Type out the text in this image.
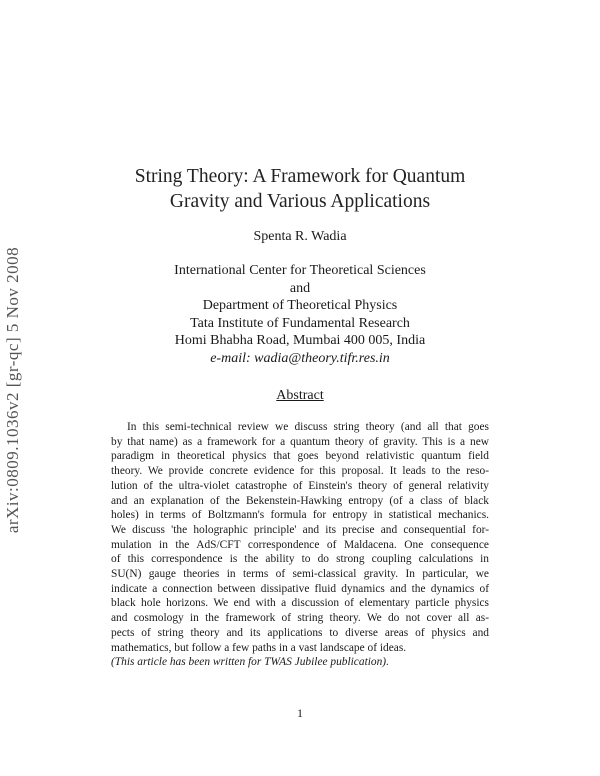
arXiv:0809.1036v2 [gr-qc] 5 Nov 2008
String Theory: A Framework for Quantum
Gravity and Various Applications
Spenta R. Wadia
International Center for Theoretical Sciences
and
Department of Theoretical Physics
Tata Institute of Fundamental Research
Homi Bhabha Road, Mumbai 400 005, India
e-mail: wadia@theory.tifr.res.in
Abstract
In this semi-technical review we discuss string theory (and all that goes
by that name) as a framework for a quantum theory of gravity. This is a new
paradigm in theoretical physics that goes beyond relativistic quantum field
theory. We provide concrete evidence for this proposal. It leads to the reso-
lution of the ultra-violet catastrophe of Einstein's theory of general relativity
and an explanation of the Bekenstein-Hawking entropy (of a class of black
holes) in terms of Boltzmann's formula for entropy in statistical mechanics.
We discuss 'the holographic principle' and its precise and consequential for-
mulation in the AdS/CFT correspondence of Maldacena. One consequence
of this correspondence is the ability to do strong coupling calculations in
SU(N) gauge theories in terms of semi-classical gravity. In particular, we
indicate a connection between dissipative fluid dynamics and the dynamics of
black hole horizons. We end with a discussion of elementary particle physics
and cosmology in the framework of string theory. We do not cover all as-
pects of string theory and its applications to diverse areas of physics and
mathematics, but follow a few paths in a vast landscape of ideas.
(This article has been written for TWAS Jubilee publication).
1
